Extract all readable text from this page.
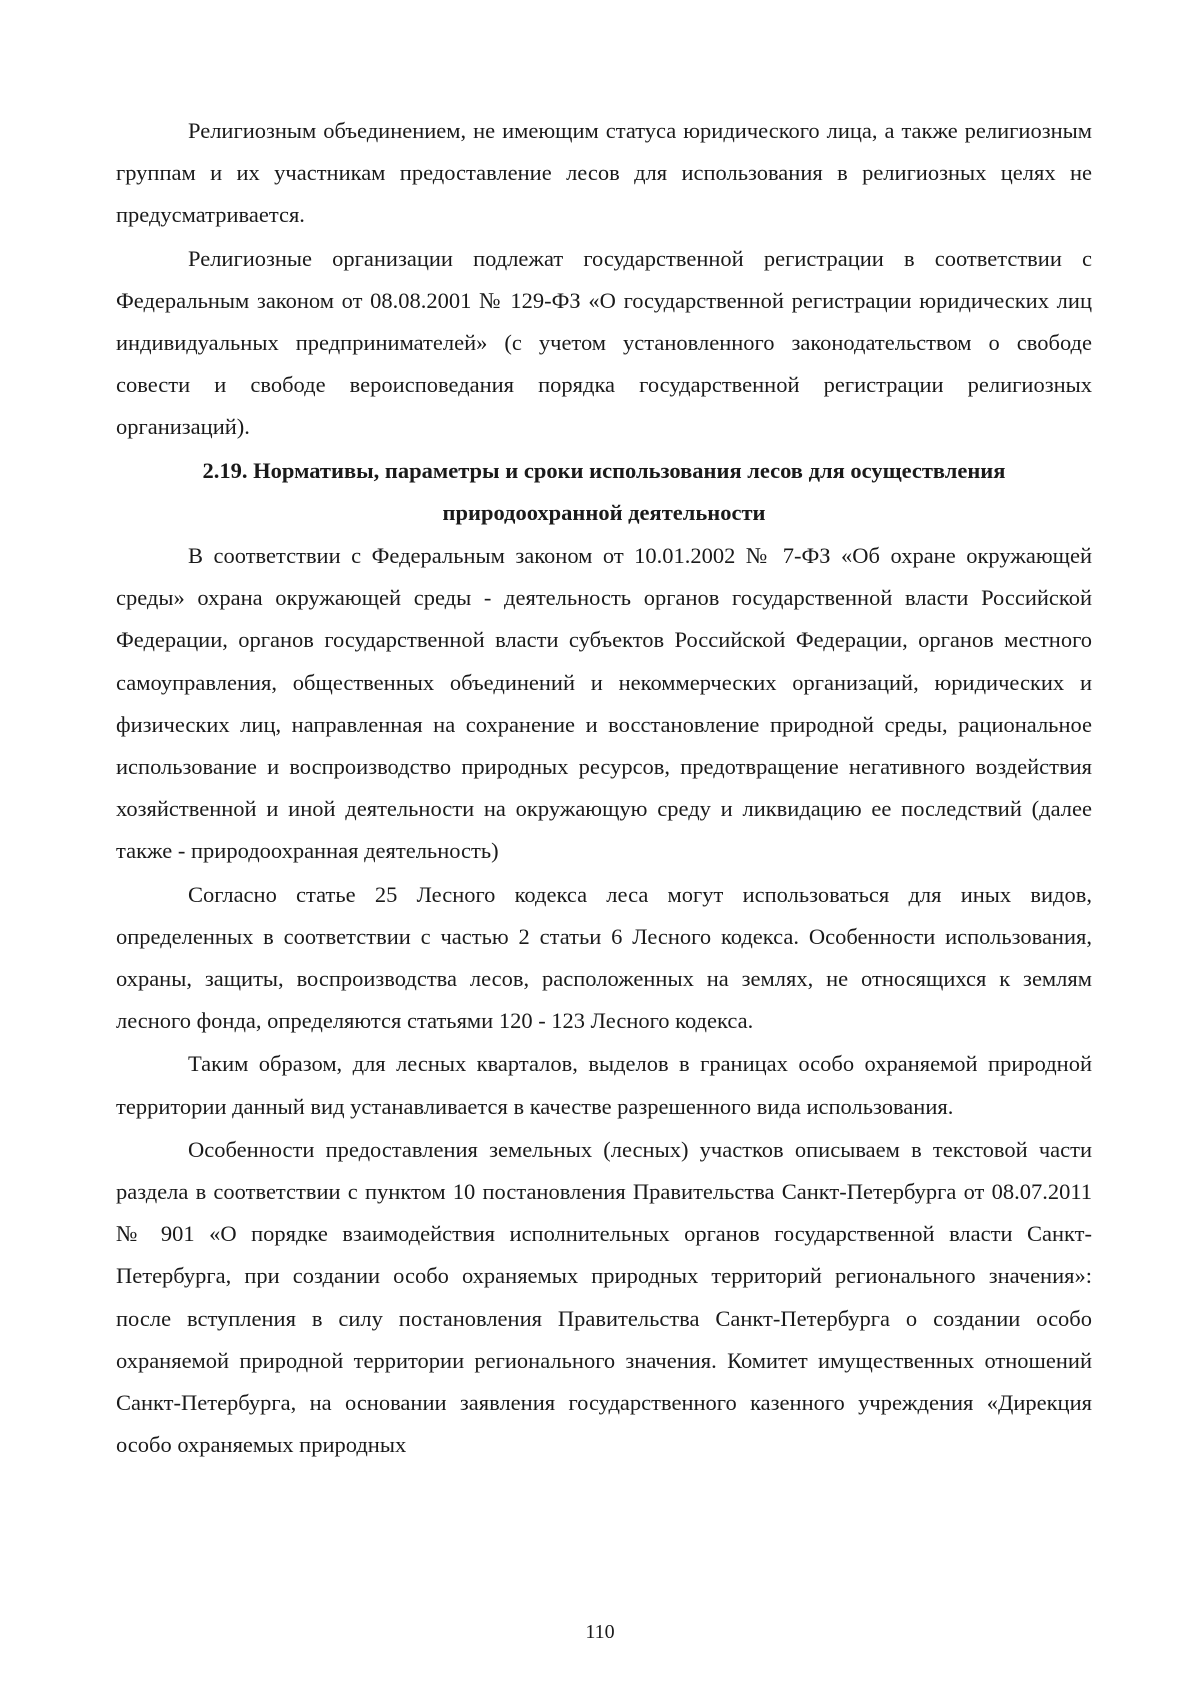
Религиозным объединением, не имеющим статуса юридического лица, а также религиозным группам и их участникам предоставление лесов для использования в религиозных целях не предусматривается.

Религиозные организации подлежат государственной регистрации в соответствии с Федеральным законом от 08.08.2001 № 129-ФЗ «О государственной регистрации юридических лиц индивидуальных предпринимателей» (с учетом установленного законодательством о свободе совести и свободе вероисповедания порядка государственной регистрации религиозных организаций).

2.19. Нормативы, параметры и сроки использования лесов для осуществления природоохранной деятельности

В соответствии с Федеральным законом от 10.01.2002 № 7-ФЗ «Об охране окружающей среды» охрана окружающей среды - деятельность органов государственной власти Российской Федерации, органов государственной власти субъектов Российской Федерации, органов местного самоуправления, общественных объединений и некоммерческих организаций, юридических и физических лиц, направленная на сохранение и восстановление природной среды, рациональное использование и воспроизводство природных ресурсов, предотвращение негативного воздействия хозяйственной и иной деятельности на окружающую среду и ликвидацию ее последствий (далее также - природоохранная деятельность)

Согласно статье 25 Лесного кодекса леса могут использоваться для иных видов, определенных в соответствии с частью 2 статьи 6 Лесного кодекса. Особенности использования, охраны, защиты, воспроизводства лесов, расположенных на землях, не относящихся к землям лесного фонда, определяются статьями 120 - 123 Лесного кодекса.

Таким образом, для лесных кварталов, выделов в границах особо охраняемой природной территории данный вид устанавливается в качестве разрешенного вида использования.

Особенности предоставления земельных (лесных) участков описываем в текстовой части раздела в соответствии с пунктом 10 постановления Правительства Санкт-Петербурга от 08.07.2011 № 901 «О порядке взаимодействия исполнительных органов государственной власти Санкт-Петербурга, при создании особо охраняемых природных территорий регионального значения»: после вступления в силу постановления Правительства Санкт-Петербурга о создании особо охраняемой природной территории регионального значения. Комитет имущественных отношений Санкт-Петербурга, на основании заявления государственного казенного учреждения «Дирекция особо охраняемых природных

110
